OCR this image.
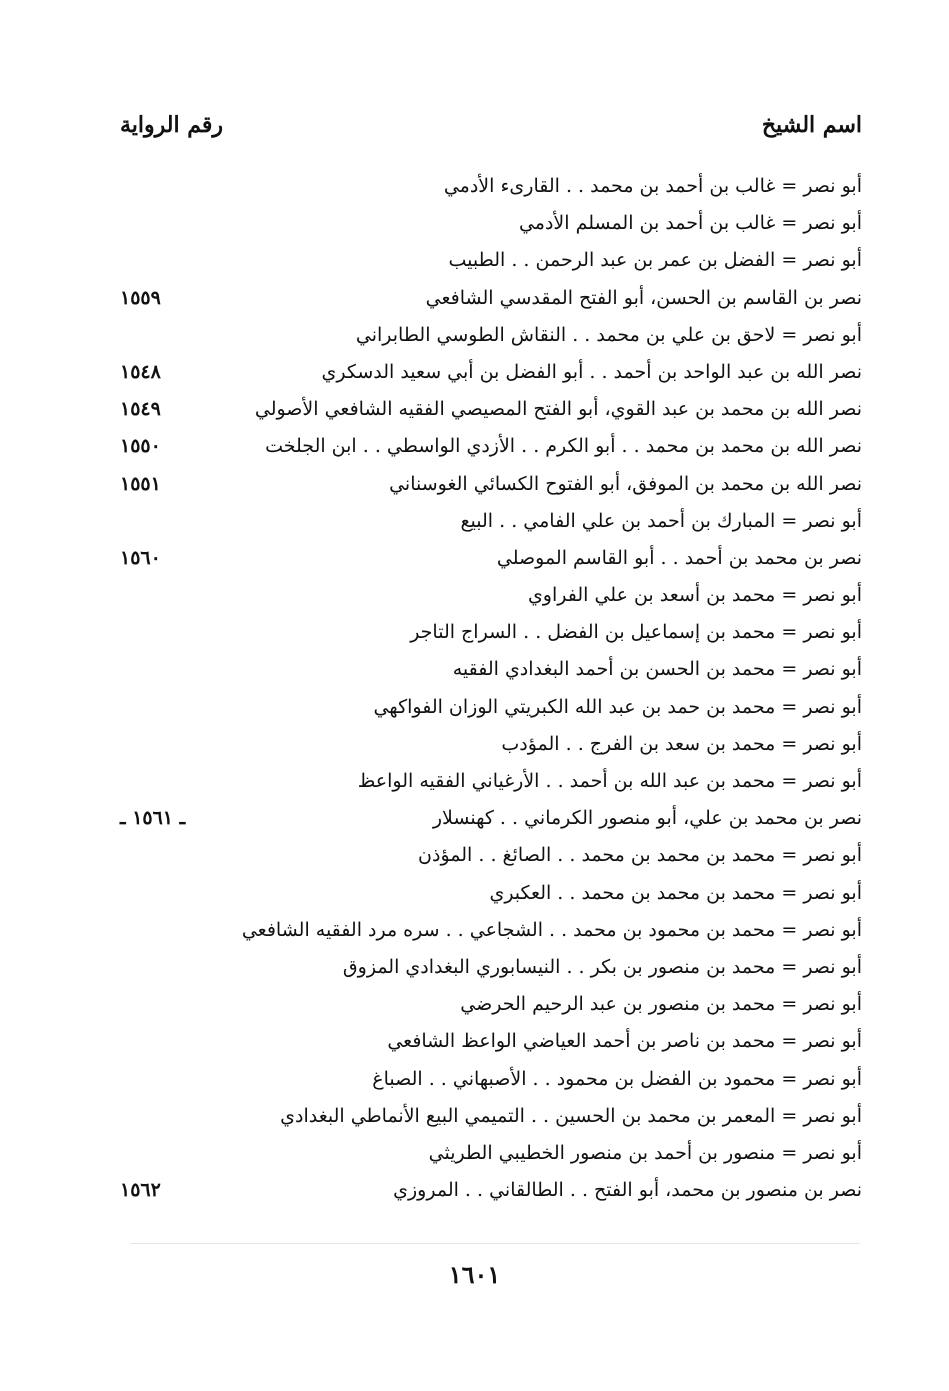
اسم الشيخ
رقم الرواية
أبو نصر = غالب بن أحمد بن محمد . . القارىء الأدمي
أبو نصر = غالب بن أحمد بن المسلم الأدمي
أبو نصر = الفضل بن عمر بن عبد الرحمن . . الطبيب
نصر بن القاسم بن الحسن، أبو الفتح المقدسي الشافعي
١٥٥٩
أبو نصر = لاحق بن علي بن محمد . . النقاش الطوسي الطابراني
نصر الله بن عبد الواحد بن أحمد . . أبو الفضل بن أبي سعيد الدسكري
١٥٤٨
نصر الله بن محمد بن عبد القوي، أبو الفتح المصيصي الفقيه الشافعي الأصولي
١٥٤٩
نصر الله بن محمد بن محمد . . أبو الكرم . . الأزدي الواسطي . . ابن الجلخت
١٥٥٠
نصر الله بن محمد بن الموفق، أبو الفتوح الكسائي الغوسناني
١٥٥١
أبو نصر = المبارك بن أحمد بن علي الفامي . . البيع
نصر بن محمد بن أحمد . . أبو القاسم الموصلي
١٥٦٠
أبو نصر = محمد بن أسعد بن علي الفراوي
أبو نصر = محمد بن إسماعيل بن الفضل . . السراج التاجر
أبو نصر = محمد بن الحسن بن أحمد البغدادي الفقيه
أبو نصر = محمد بن حمد بن عبد الله الكبريتي الوزان الفواكهي
أبو نصر = محمد بن سعد بن الفرج . . المؤدب
أبو نصر = محمد بن عبد الله بن أحمد . . الأرغياني الفقيه الواعظ
نصر بن محمد بن علي، أبو منصور الكرماني . . كهنسلار
ـ ١٥٦١ ـ
أبو نصر = محمد بن محمد بن محمد . . الصائغ . . المؤذن
أبو نصر = محمد بن محمد بن محمد . . العكبري
أبو نصر = محمد بن محمود بن محمد . . الشجاعي . . سره مرد الفقيه الشافعي
أبو نصر = محمد بن منصور بن بكر . . النيسابوري البغدادي المزوق
أبو نصر = محمد بن منصور بن عبد الرحيم الحرضي
أبو نصر = محمد بن ناصر بن أحمد العياضي الواعظ الشافعي
أبو نصر = محمود بن الفضل بن محمود . . الأصبهاني . . الصباغ
أبو نصر = المعمر بن محمد بن الحسين . . التميمي البيع الأنماطي البغدادي
أبو نصر = منصور بن أحمد بن منصور الخطيبي الطريثي
نصر بن منصور بن محمد، أبو الفتح . . الطالقاني . . المروزي
١٥٦٢
١٦٠١
